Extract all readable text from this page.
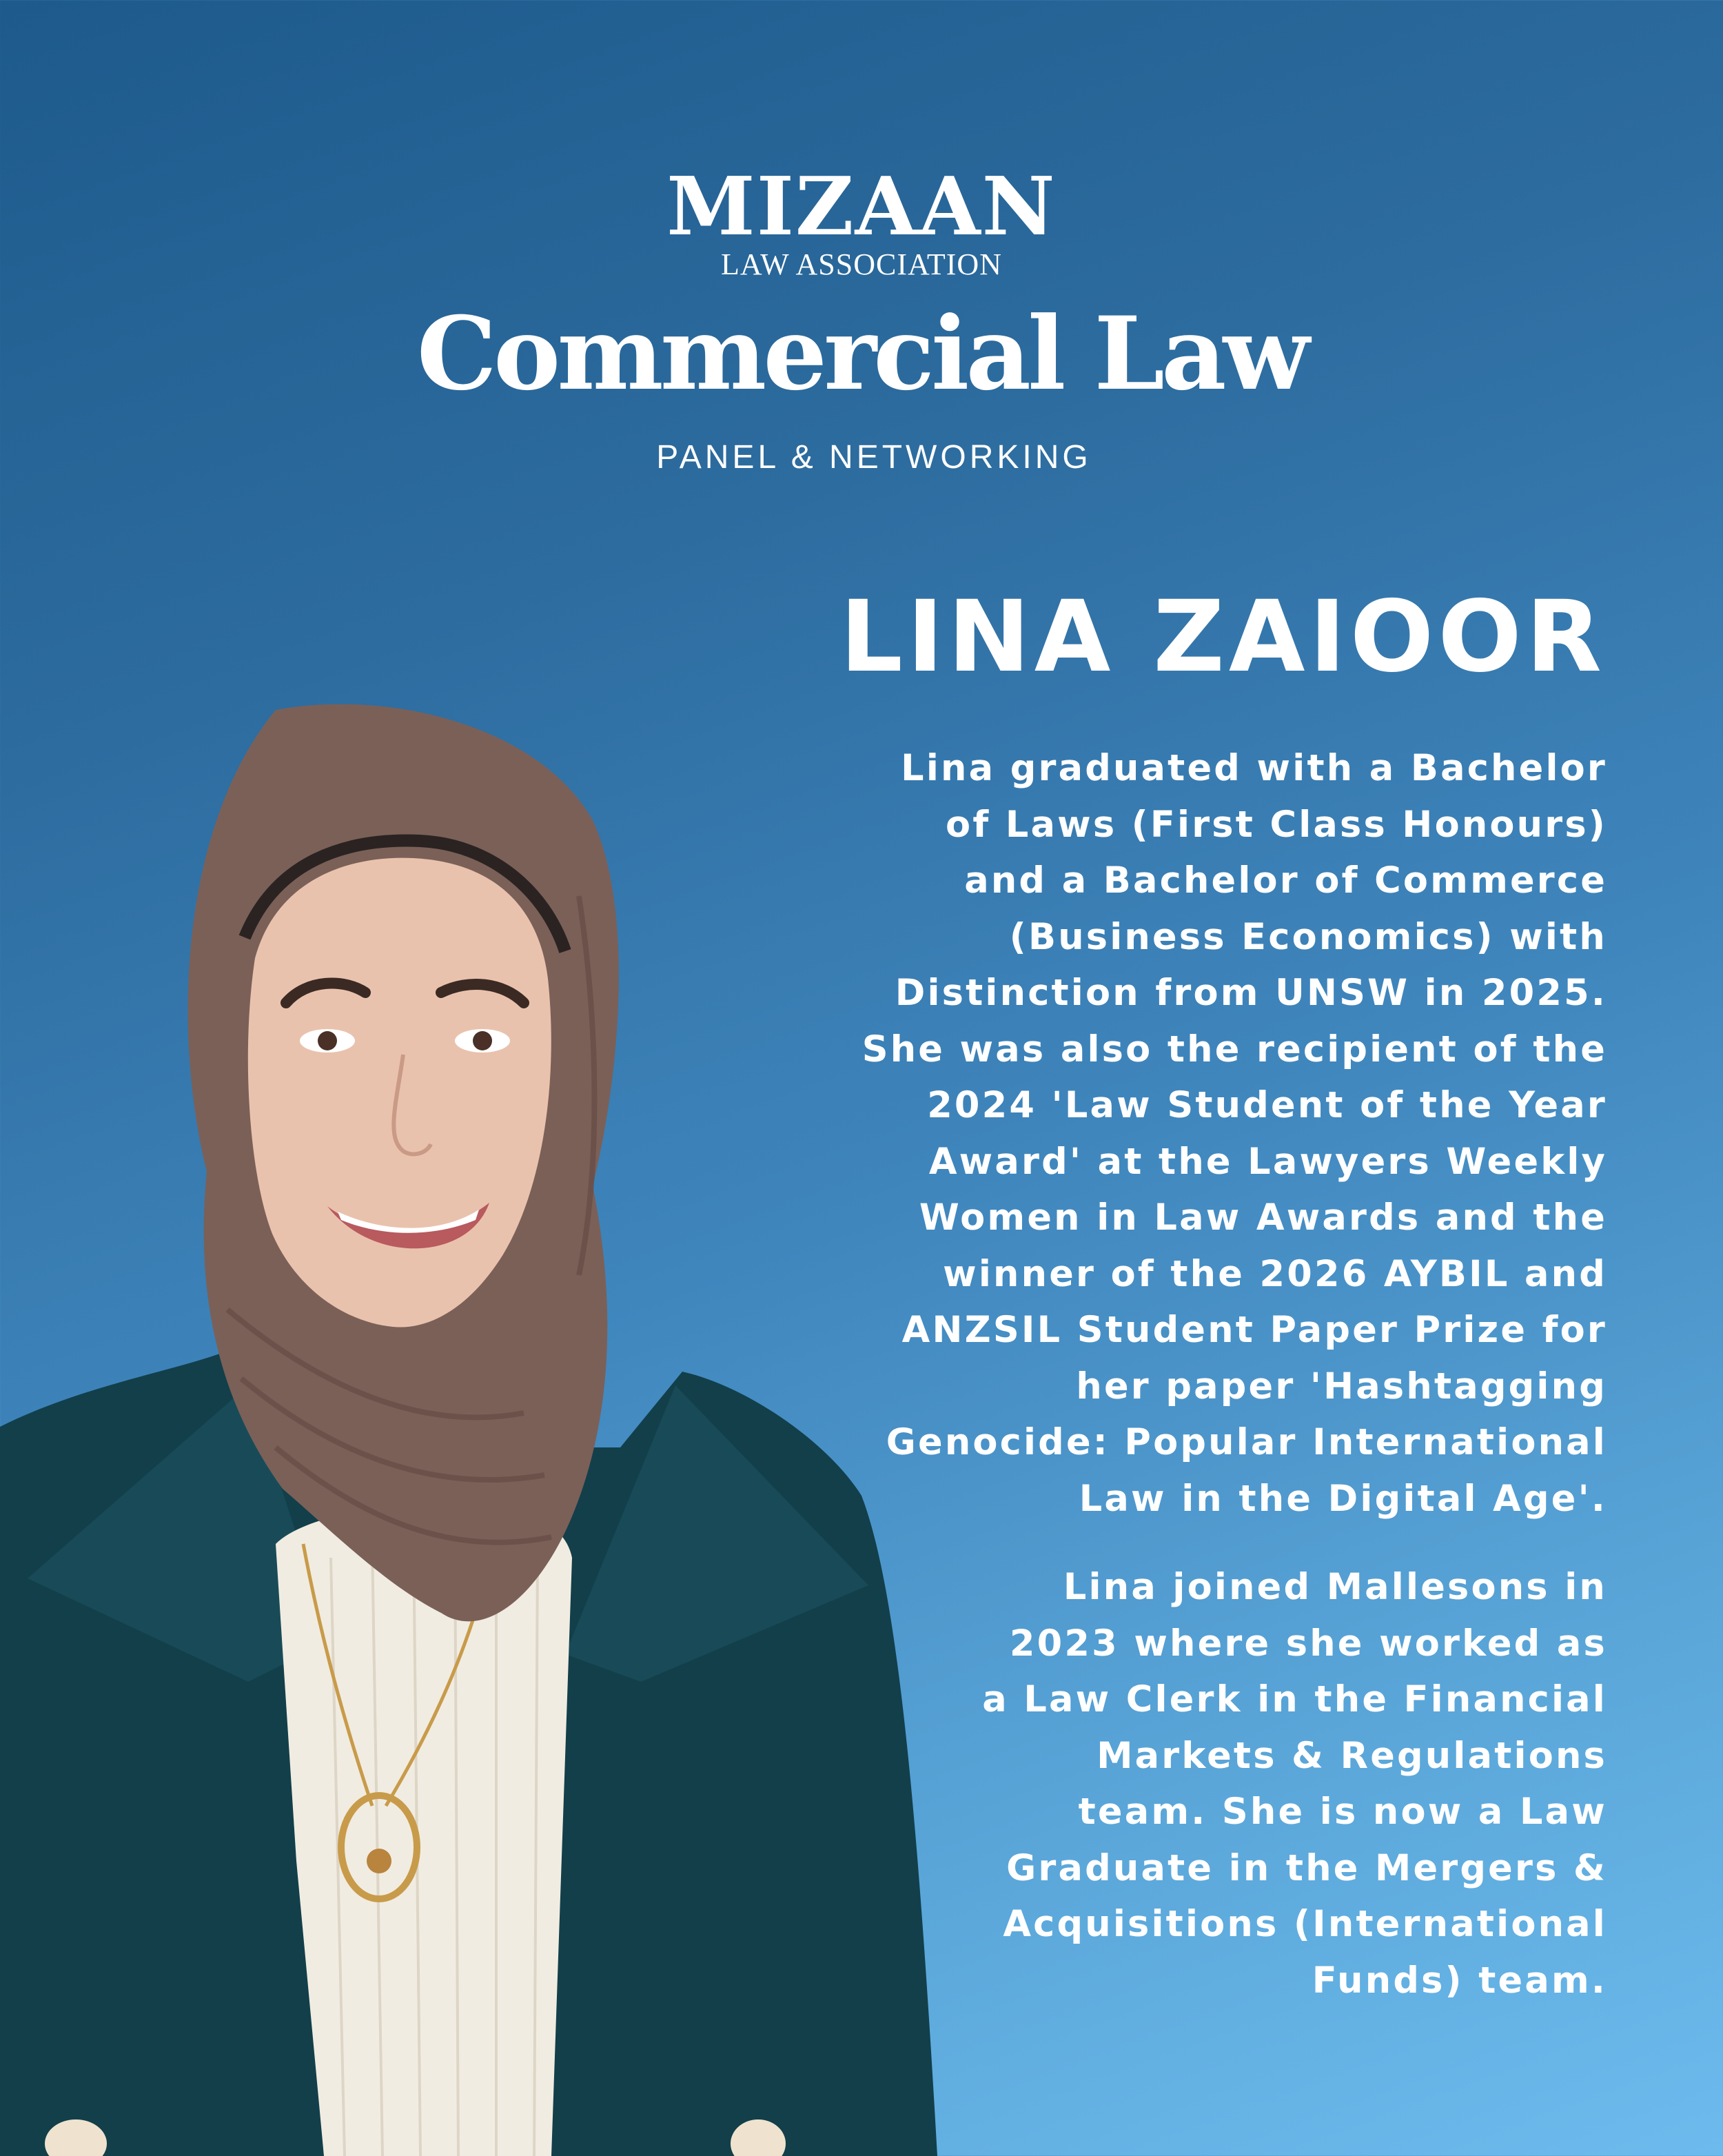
MIZAAN
LAW ASSOCIATION
Commercial Law
PANEL & NETWORKING
LINA ZAIOOR
Lina graduated with a Bachelor
of Laws (First Class Honours)
and a Bachelor of Commerce
(Business Economics) with
Distinction from UNSW in 2025.
She was also the recipient of the
2024 'Law Student of the Year
Award' at the Lawyers Weekly
Women in Law Awards and the
winner of the 2026 AYBIL and
ANZSIL Student Paper Prize for
her paper 'Hashtagging
Genocide: Popular International
Law in the Digital Age'.
Lina joined Mallesons in
2023 where she worked as
a Law Clerk in the Financial
Markets & Regulations
team. She is now a Law
Graduate in the Mergers &
Acquisitions (International
Funds) team.
